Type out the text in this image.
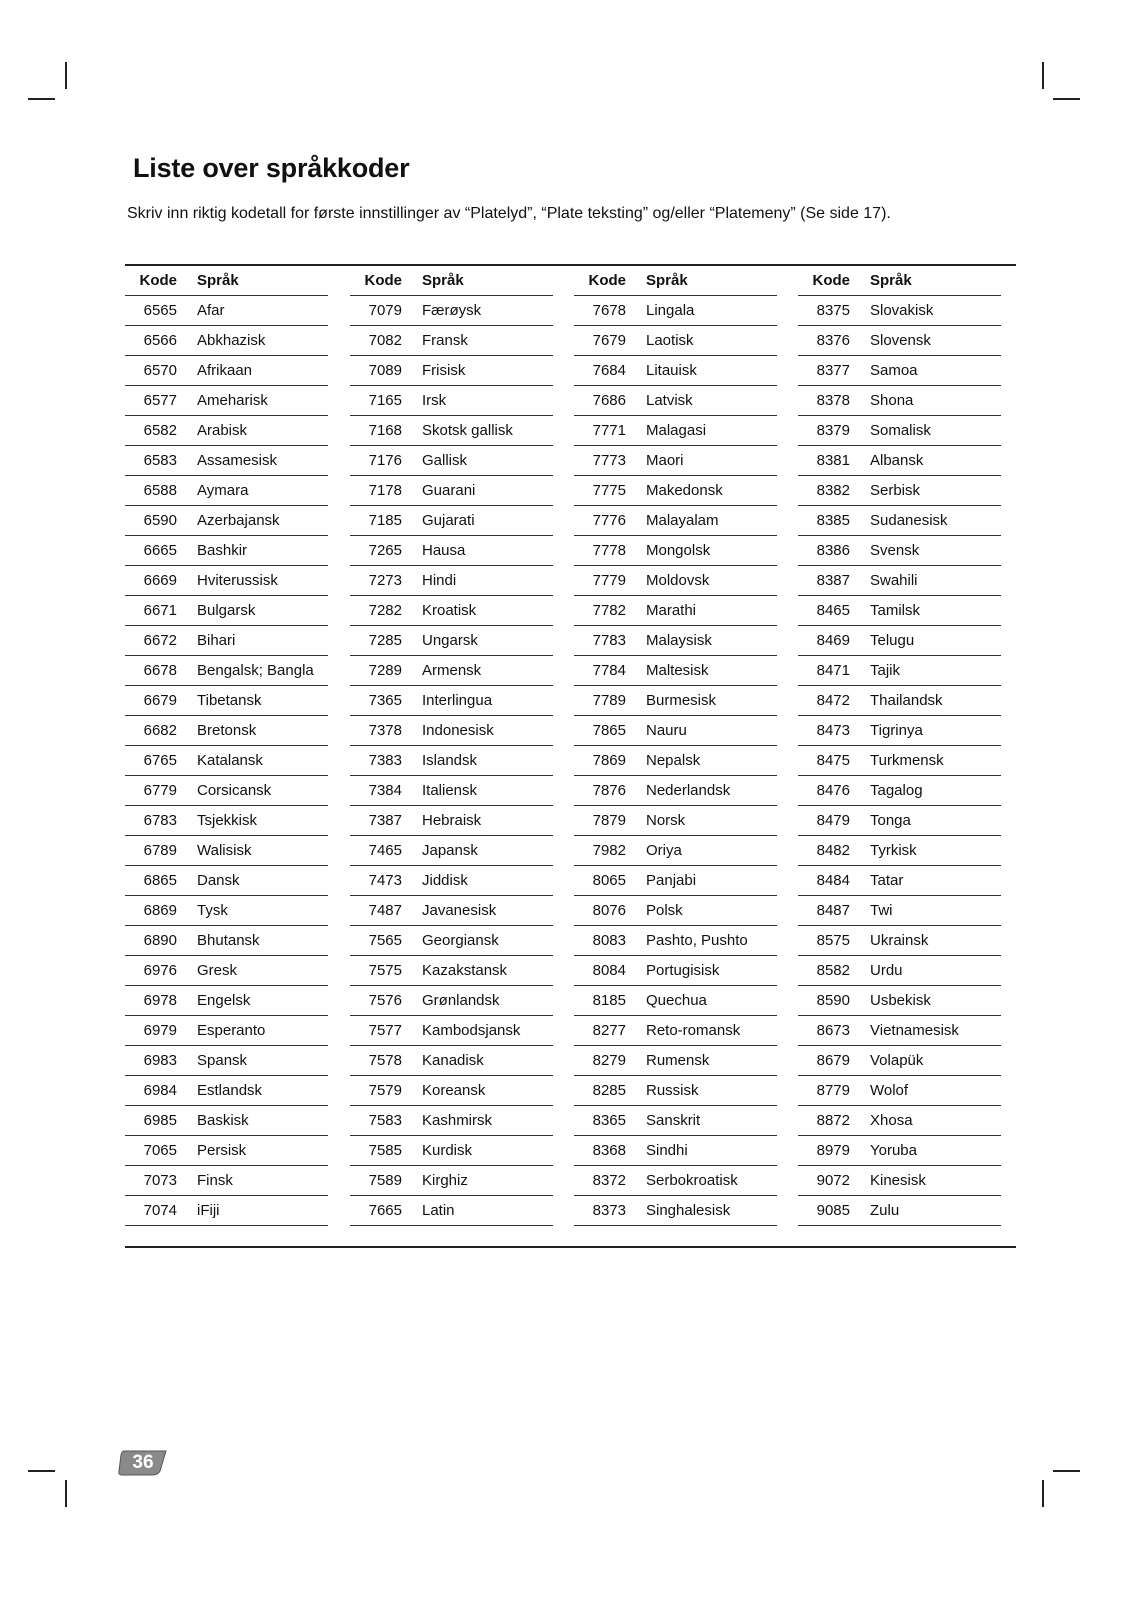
Liste over språkkoder

Skriv inn riktig kodetall for første innstillinger av “Platelyd”, “Plate teksting” og/eller “Platemeny” (Se side 17).

Kode	Språk
6565	Afar
6566	Abkhazisk
6570	Afrikaan
6577	Ameharisk
6582	Arabisk
6583	Assamesisk
6588	Aymara
6590	Azerbajansk
6665	Bashkir
6669	Hviterussisk
6671	Bulgarsk
6672	Bihari
6678	Bengalsk; Bangla
6679	Tibetansk
6682	Bretonsk
6765	Katalansk
6779	Corsicansk
6783	Tsjekkisk
6789	Walisisk
6865	Dansk
6869	Tysk
6890	Bhutansk
6976	Gresk
6978	Engelsk
6979	Esperanto
6983	Spansk
6984	Estlandsk
6985	Baskisk
7065	Persisk
7073	Finsk
7074	iFiji
Kode	Språk
7079	Færøysk
7082	Fransk
7089	Frisisk
7165	Irsk
7168	Skotsk gallisk
7176	Gallisk
7178	Guarani
7185	Gujarati
7265	Hausa
7273	Hindi
7282	Kroatisk
7285	Ungarsk
7289	Armensk
7365	Interlingua
7378	Indonesisk
7383	Islandsk
7384	Italiensk
7387	Hebraisk
7465	Japansk
7473	Jiddisk
7487	Javanesisk
7565	Georgiansk
7575	Kazakstansk
7576	Grønlandsk
7577	Kambodsjansk
7578	Kanadisk
7579	Koreansk
7583	Kashmirsk
7585	Kurdisk
7589	Kirghiz
7665	Latin
Kode	Språk
7678	Lingala
7679	Laotisk
7684	Litauisk
7686	Latvisk
7771	Malagasi
7773	Maori
7775	Makedonsk
7776	Malayalam
7778	Mongolsk
7779	Moldovsk
7782	Marathi
7783	Malaysisk
7784	Maltesisk
7789	Burmesisk
7865	Nauru
7869	Nepalsk
7876	Nederlandsk
7879	Norsk
7982	Oriya
8065	Panjabi
8076	Polsk
8083	Pashto, Pushto
8084	Portugisisk
8185	Quechua
8277	Reto-romansk
8279	Rumensk
8285	Russisk
8365	Sanskrit
8368	Sindhi
8372	Serbokroatisk
8373	Singhalesisk
Kode	Språk
8375	Slovakisk
8376	Slovensk
8377	Samoa
8378	Shona
8379	Somalisk
8381	Albansk
8382	Serbisk
8385	Sudanesisk
8386	Svensk
8387	Swahili
8465	Tamilsk
8469	Telugu
8471	Tajik
8472	Thailandsk
8473	Tigrinya
8475	Turkmensk
8476	Tagalog
8479	Tonga
8482	Tyrkisk
8484	Tatar
8487	Twi
8575	Ukrainsk
8582	Urdu
8590	Usbekisk
8673	Vietnamesisk
8679	Volapük
8779	Wolof
8872	Xhosa
8979	Yoruba
9072	Kinesisk
9085	Zulu
36
